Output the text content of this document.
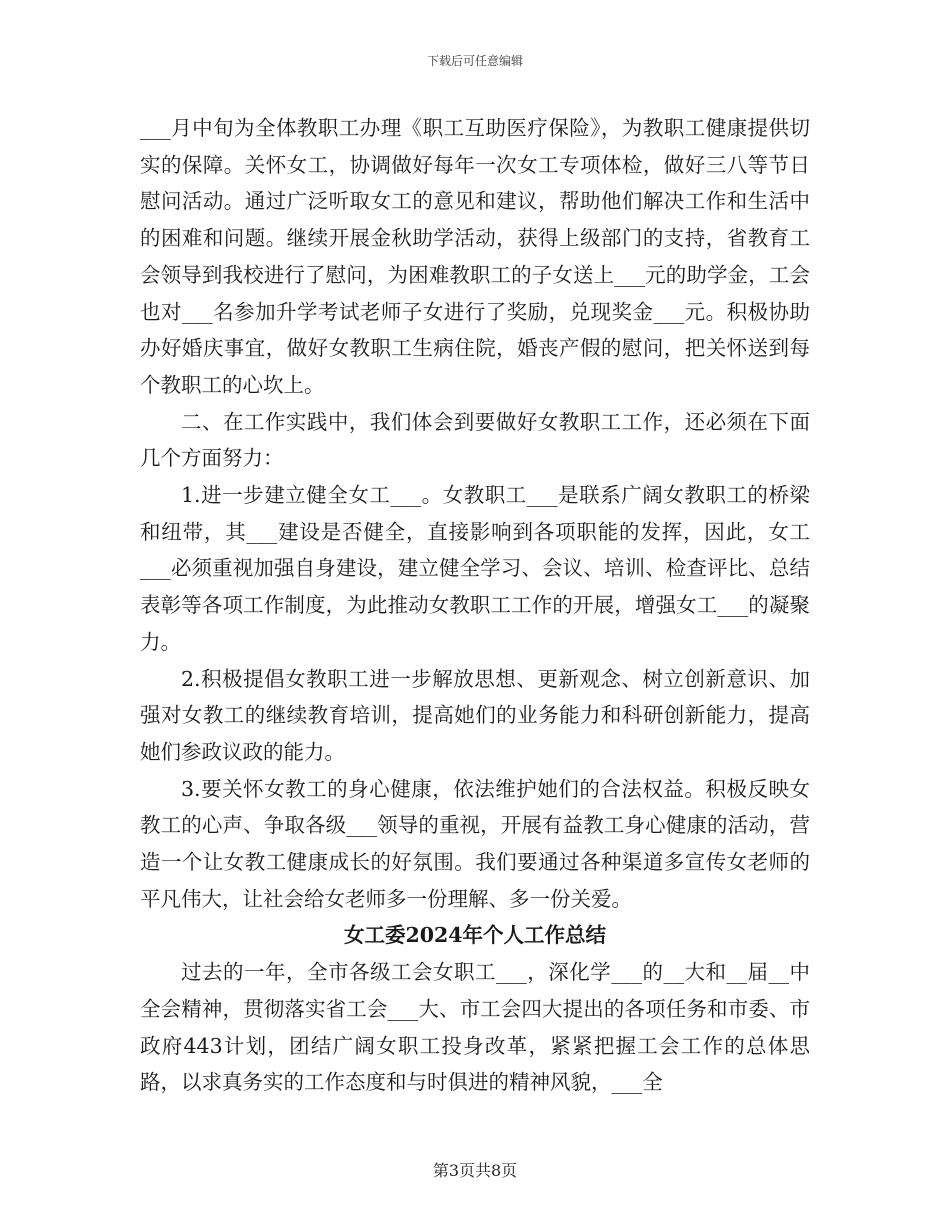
下载后可任意编辑

___月中旬为全体教职工办理《职工互助医疗保险》，为教职工健康提供切实的保障。关怀女工，协调做好每年一次女工专项体检，做好三八等节日慰问活动。通过广泛听取女工的意见和建议，帮助他们解决工作和生活中的困难和问题。继续开展金秋助学活动，获得上级部门的支持，省教育工会领导到我校进行了慰问，为困难教职工的子女送上___元的助学金，工会也对___名参加升学考试老师子女进行了奖励，兑现奖金___元。积极协助办好婚庆事宜，做好女教职工生病住院，婚丧产假的慰问，把关怀送到每个教职工的心坎上。

二、在工作实践中，我们体会到要做好女教职工工作，还必须在下面几个方面努力：

1.进一步建立健全女工___。女教职工___是联系广阔女教职工的桥梁和纽带，其___建设是否健全，直接影响到各项职能的发挥，因此，女工___必须重视加强自身建设，建立健全学习、会议、培训、检查评比、总结表彰等各项工作制度，为此推动女教职工工作的开展，增强女工___的凝聚力。

2.积极提倡女教职工进一步解放思想、更新观念、树立创新意识、加强对女教工的继续教育培训，提高她们的业务能力和科研创新能力，提高她们参政议政的能力。

3.要关怀女教工的身心健康，依法维护她们的合法权益。积极反映女教工的心声、争取各级___领导的重视，开展有益教工身心健康的活动，营造一个让女教工健康成长的好氛围。我们要通过各种渠道多宣传女老师的平凡伟大，让社会给女老师多一份理解、多一份关爱。

女工委2024年个人工作总结

过去的一年，全市各级工会女职工___，深化学___的__大和__届__中全会精神，贯彻落实省工会___大、市工会四大提出的各项任务和市委、市政府443计划，团结广阔女职工投身改革，紧紧把握工会工作的总体思路，以求真务实的工作态度和与时俱进的精神风貌，___全

第3页共8页
